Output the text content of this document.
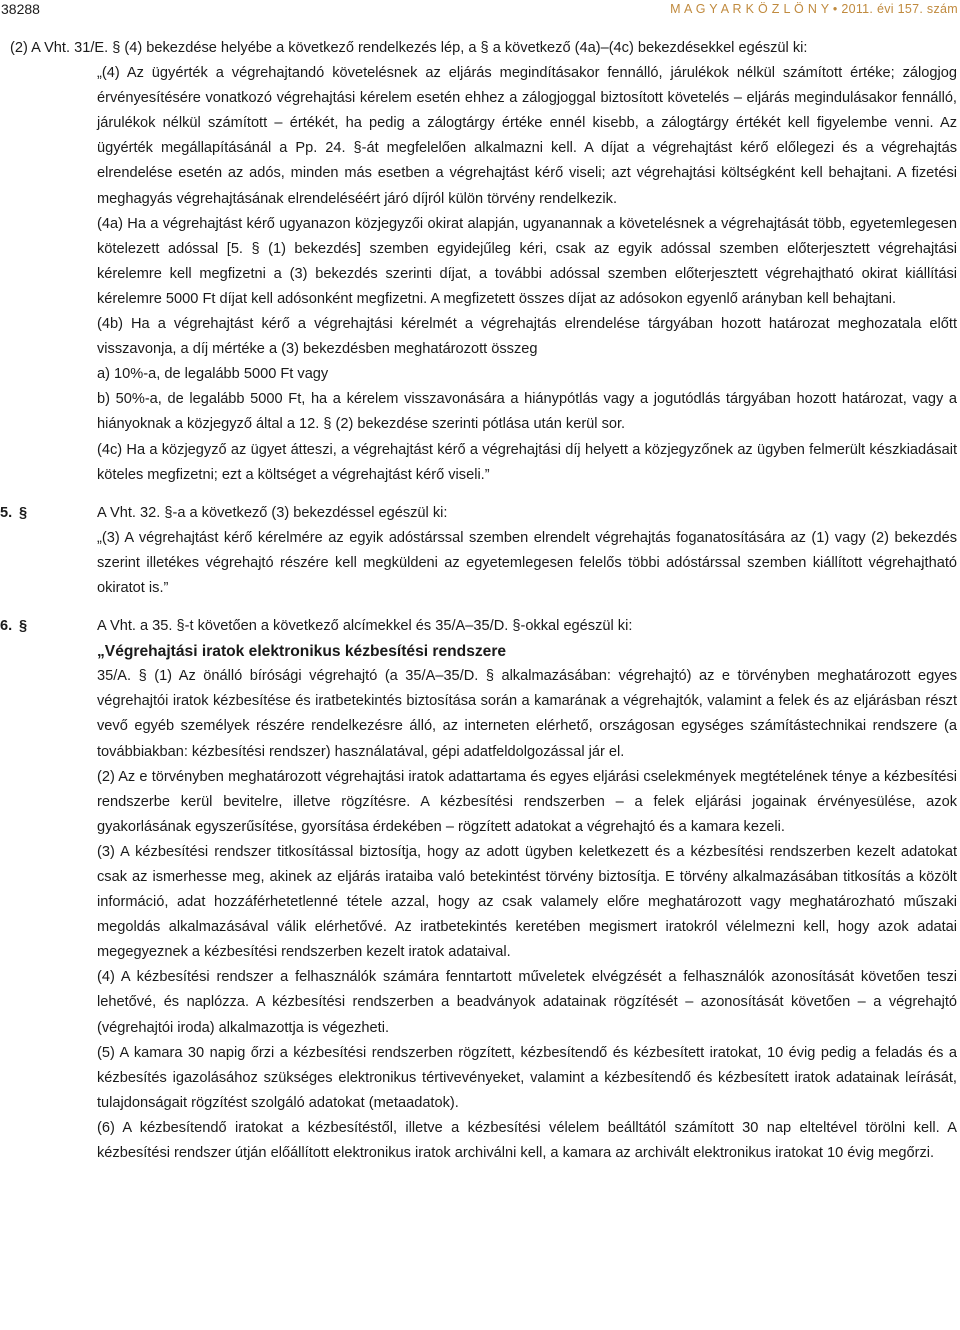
38288	M A G Y A R K Ö Z L Ö N Y • 2011. évi 157. szám

(2) A Vht. 31/E. § (4) bekezdése helyébe a következő rendelkezés lép, a § a következő (4a)–(4c) bekezdésekkel egészül ki:

„(4) Az ügyérték a végrehajtandó követelésnek az eljárás megindításakor fennálló, járulékok nélkül számított értéke; zálogjog érvényesítésére vonatkozó végrehajtási kérelem esetén ehhez a zálogjoggal biztosított követelés – eljárás megindulásakor fennálló, járulékok nélkül számított – értékét, ha pedig a zálogtárgy értéke ennél kisebb, a zálogtárgy értékét kell figyelembe venni. Az ügyérték megállapításánál a Pp. 24. §-át megfelelően alkalmazni kell. A díjat a végrehajtást kérő előlegezi és a végrehajtás elrendelése esetén az adós, minden más esetben a végrehajtást kérő viseli; azt végrehajtási költségként kell behajtani. A fizetési meghagyás végrehajtásának elrendeléséért járó díjról külön törvény rendelkezik.

(4a) Ha a végrehajtást kérő ugyanazon közjegyzői okirat alapján, ugyanannak a követelésnek a végrehajtását több, egyetemlegesen kötelezett adóssal [5. § (1) bekezdés] szemben egyidejűleg kéri, csak az egyik adóssal szemben előterjesztett végrehajtási kérelemre kell megfizetni a (3) bekezdés szerinti díjat, a további adóssal szemben előterjesztett végrehajtható okirat kiállítási kérelemre 5000 Ft díjat kell adósonként megfizetni. A megfizetett összes díjat az adósokon egyenlő arányban kell behajtani.

(4b) Ha a végrehajtást kérő a végrehajtási kérelmét a végrehajtás elrendelése tárgyában hozott határozat meghozatala előtt visszavonja, a díj mértéke a (3) bekezdésben meghatározott összeg

a) 10%-a, de legalább 5000 Ft vagy

b) 50%-a, de legalább 5000 Ft, ha a kérelem visszavonására a hiánypótlás vagy a jogutódlás tárgyában hozott határozat, vagy a hiányoknak a közjegyző által a 12. § (2) bekezdése szerinti pótlása után kerül sor.

(4c) Ha a közjegyző az ügyet átteszi, a végrehajtást kérő a végrehajtási díj helyett a közjegyzőnek az ügyben felmerült készkiadásait köteles megfizetni; ezt a költséget a végrehajtást kérő viseli.”

5. §	A Vht. 32. §-a a következő (3) bekezdéssel egészül ki:

„(3) A végrehajtást kérő kérelmére az egyik adóstárssal szemben elrendelt végrehajtás foganatosítására az (1) vagy (2) bekezdés szerint illetékes végrehajtó részére kell megküldeni az egyetemlegesen felelős többi adóstárssal szemben kiállított végrehajtható okiratot is.”

6. §	A Vht. a 35. §-t követően a következő alcímekkel és 35/A–35/D. §-okkal egészül ki:

„Végrehajtási iratok elektronikus kézbesítési rendszere

35/A. § (1) Az önálló bírósági végrehajtó (a 35/A–35/D. § alkalmazásában: végrehajtó) az e törvényben meghatározott egyes végrehajtói iratok kézbesítése és iratbetekintés biztosítása során a kamarának a végrehajtók, valamint a felek és az eljárásban részt vevő egyéb személyek részére rendelkezésre álló, az interneten elérhető, országosan egységes számítástechnikai rendszere (a továbbiakban: kézbesítési rendszer) használatával, gépi adatfeldolgozással jár el.

(2) Az e törvényben meghatározott végrehajtási iratok adattartama és egyes eljárási cselekmények megtételének ténye a kézbesítési rendszerbe kerül bevitelre, illetve rögzítésre. A kézbesítési rendszerben – a felek eljárási jogainak érvényesülése, azok gyakorlásának egyszerűsítése, gyorsítása érdekében – rögzített adatokat a végrehajtó és a kamara kezeli.

(3) A kézbesítési rendszer titkosítással biztosítja, hogy az adott ügyben keletkezett és a kézbesítési rendszerben kezelt adatokat csak az ismerhesse meg, akinek az eljárás irataiba való betekintést törvény biztosítja. E törvény alkalmazásában titkosítás a közölt információ, adat hozzáférhetetlenné tétele azzal, hogy az csak valamely előre meghatározott vagy meghatározható műszaki megoldás alkalmazásával válik elérhetővé. Az iratbetekintés keretében megismert iratokról vélelmezni kell, hogy azok adatai megegyeznek a kézbesítési rendszerben kezelt iratok adataival.

(4) A kézbesítési rendszer a felhasználók számára fenntartott műveletek elvégzését a felhasználók azonosítását követően teszi lehetővé, és naplózza. A kézbesítési rendszerben a beadványok adatainak rögzítését – azonosítását követően – a végrehajtó (végrehajtói iroda) alkalmazottja is végezheti.

(5) A kamara 30 napig őrzi a kézbesítési rendszerben rögzített, kézbesítendő és kézbesített iratokat, 10 évig pedig a feladás és a kézbesítés igazolásához szükséges elektronikus tértivevényeket, valamint a kézbesítendő és kézbesített iratok adatainak leírását, tulajdonságait rögzítést szolgáló adatokat (metaadatok).

(6) A kézbesítendő iratokat a kézbesítéstől, illetve a kézbesítési vélelem beálltától számított 30 nap elteltével törölni kell. A kézbesítési rendszer útján előállított elektronikus iratok archiválni kell, a kamara az archivált elektronikus iratokat 10 évig megőrzi.
